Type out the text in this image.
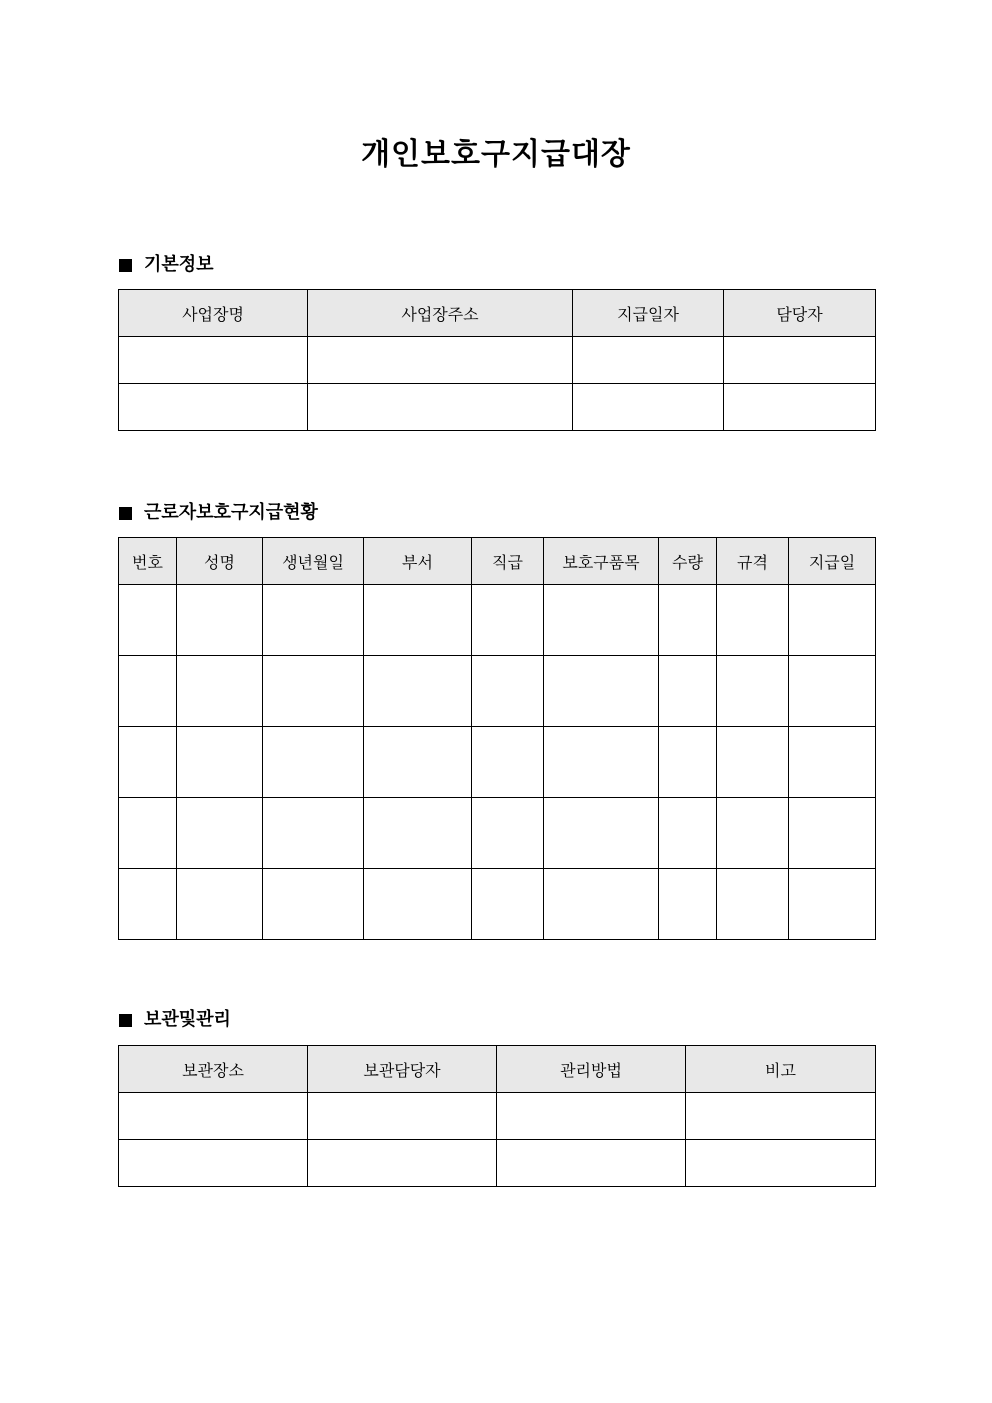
개인보호구지급대장
기본정보
사업장명	사업장주소	지급일자	담당자

근로자보호구지급현황
번호	성명	생년월일	부서	직급	보호구품목	수량	규격	지급일

보관및관리
보관장소	보관담당자	관리방법	비고
